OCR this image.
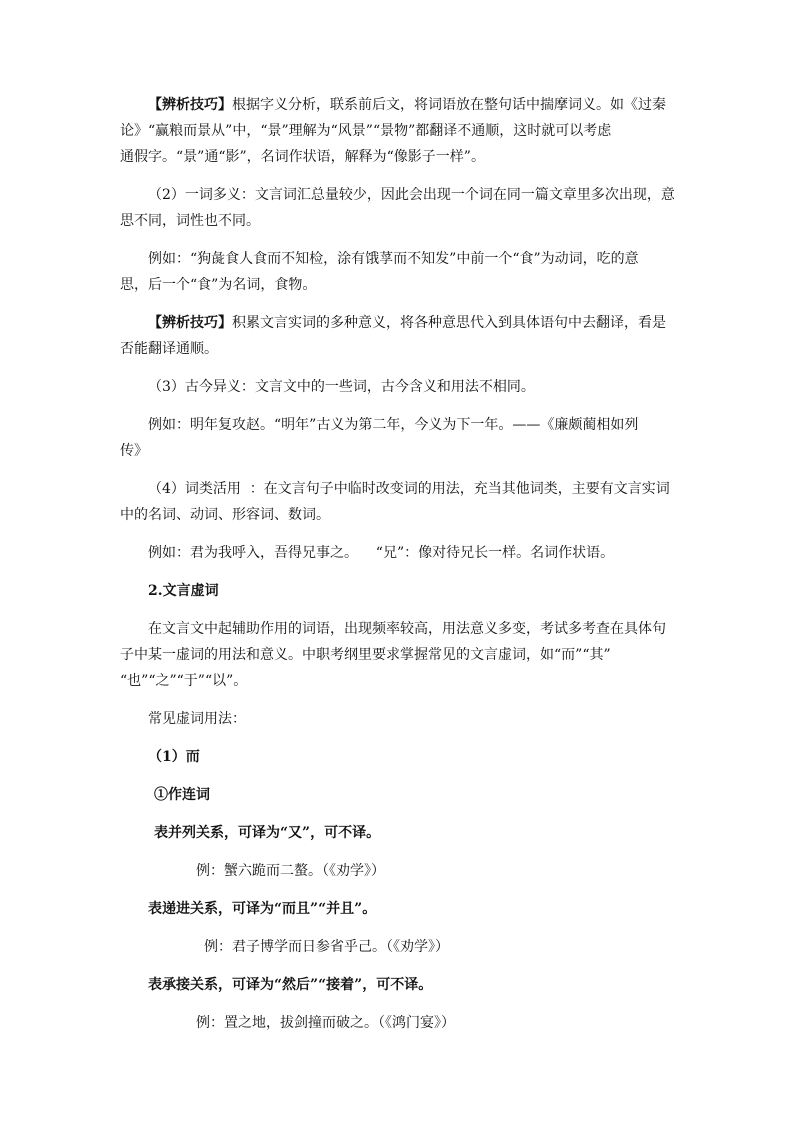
【辨析技巧】根据字义分析，联系前后文，将词语放在整句话中揣摩词义。如《过秦
论》“赢粮而景从”中，“景”理解为“风景”“景物”都翻译不通顺，这时就可以考虑
通假字。“景”通“影”，名词作状语，解释为“像影子一样”。
（2）一词多义：文言词汇总量较少，因此会出现一个词在同一篇文章里多次出现，意
思不同，词性也不同。
例如：“狗彘食人食而不知检，涂有饿莩而不知发”中前一个“食”为动词，吃的意
思，后一个“食”为名词，食物。
【辨析技巧】积累文言实词的多种意义，将各种意思代入到具体语句中去翻译，看是
否能翻译通顺。
（3）古今异义：文言文中的一些词，古今含义和用法不相同。
例如：明年复攻赵。“明年”古义为第二年，今义为下一年。——《廉颇蔺相如列
传》
（4）词类活用  ：在文言句子中临时改变词的用法，充当其他词类，主要有文言实词
中的名词、动词、形容词、数词。
例如：君为我呼入，吾得兄事之。    “兄”：像对待兄长一样。名词作状语。
2.文言虚词
在文言文中起辅助作用的词语，出现频率较高，用法意义多变，考试多考查在具体句
子中某一虚词的用法和意义。中职考纲里要求掌握常见的文言虚词，如“而”“其”
“也”“之”“于”“以”。
常见虚词用法：
（1）而
①作连词
表并列关系，可译为“又”，可不译。
例：蟹六跪而二螯。（《劝学》）
表递进关系，可译为“而且”“并且”。
例：君子博学而日参省乎己。（《劝学》）
表承接关系，可译为“然后”“接着”，可不译。
例：置之地，拔剑撞而破之。（《鸿门宴》）
